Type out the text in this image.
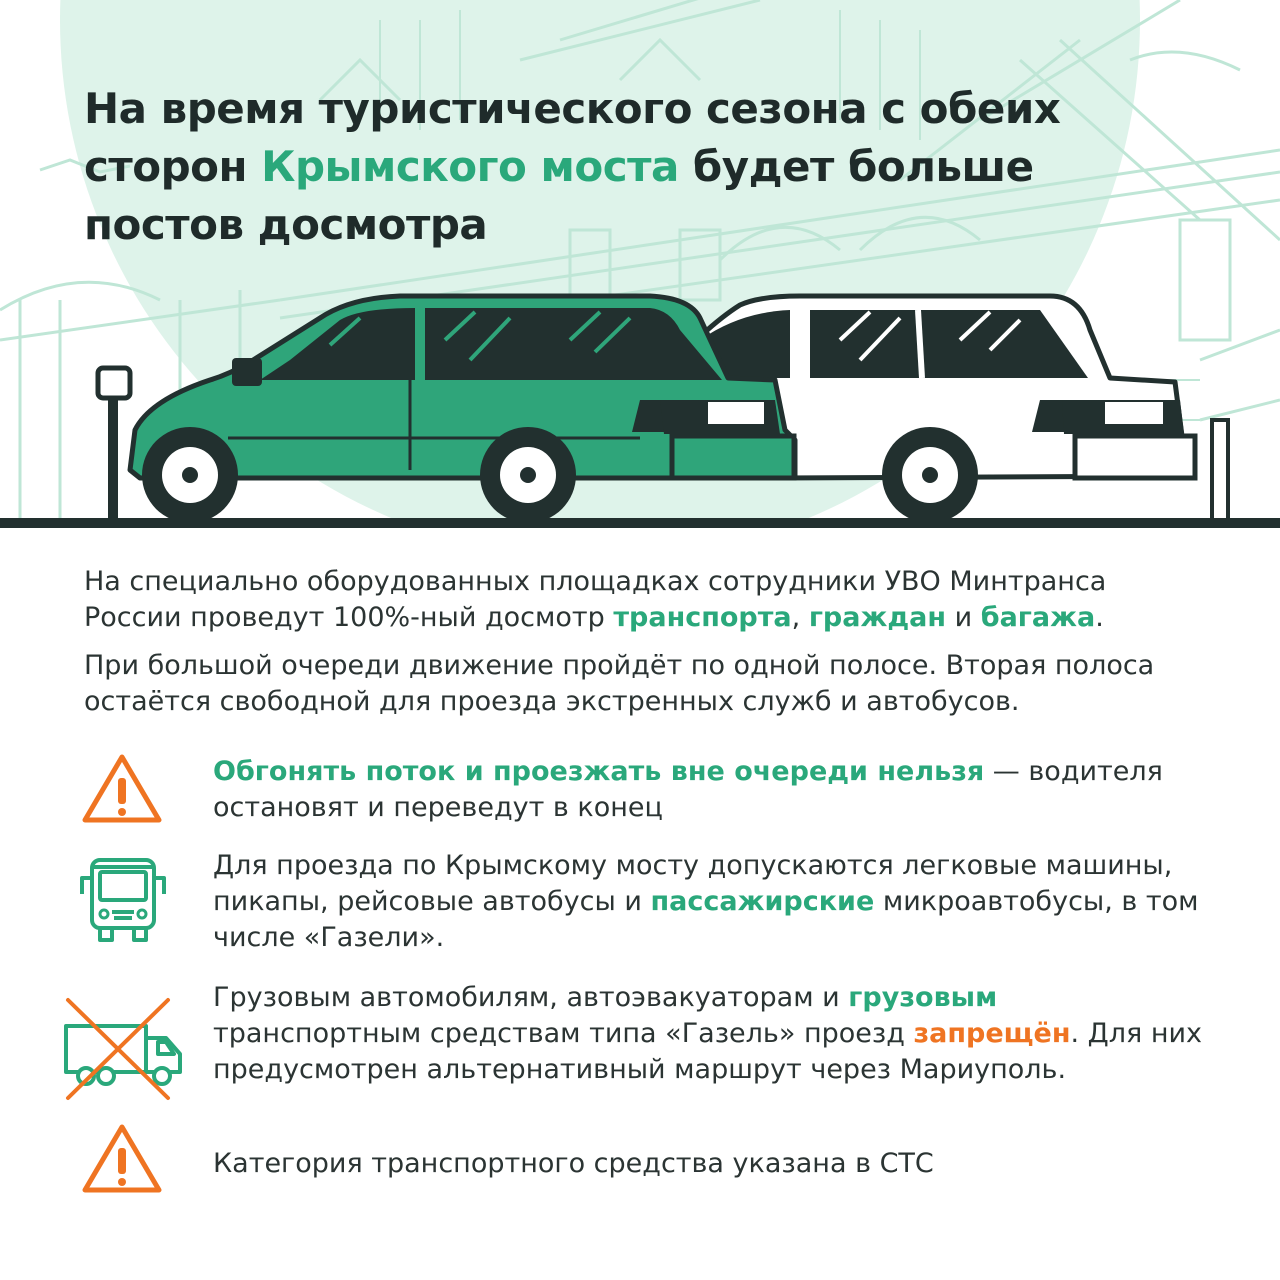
На время туристического сезона с обеих
сторон Крымского моста будет больше
постов досмотра

На специально оборудованных площадках сотрудники УВО Минтранса России проведут 100%-ный досмотр транспорта, граждан и багажа.

При большой очереди движение пройдёт по одной полосе. Вторая полоса остаётся свободной для проезда экстренных служб и автобусов.

Обгонять поток и проезжать вне очереди нельзя — водителя остановят и переведут в конец

Для проезда по Крымскому мосту допускаются легковые машины, пикапы, рейсовые автобусы и пассажирские микроавтобусы, в том числе «Газели».

Грузовым автомобилям, автоэвакуаторам и грузовым транспортным средствам типа «Газель» проезд запрещён. Для них предусмотрен альтернативный маршрут через Мариуполь.

Категория транспортного средства указана в СТС
